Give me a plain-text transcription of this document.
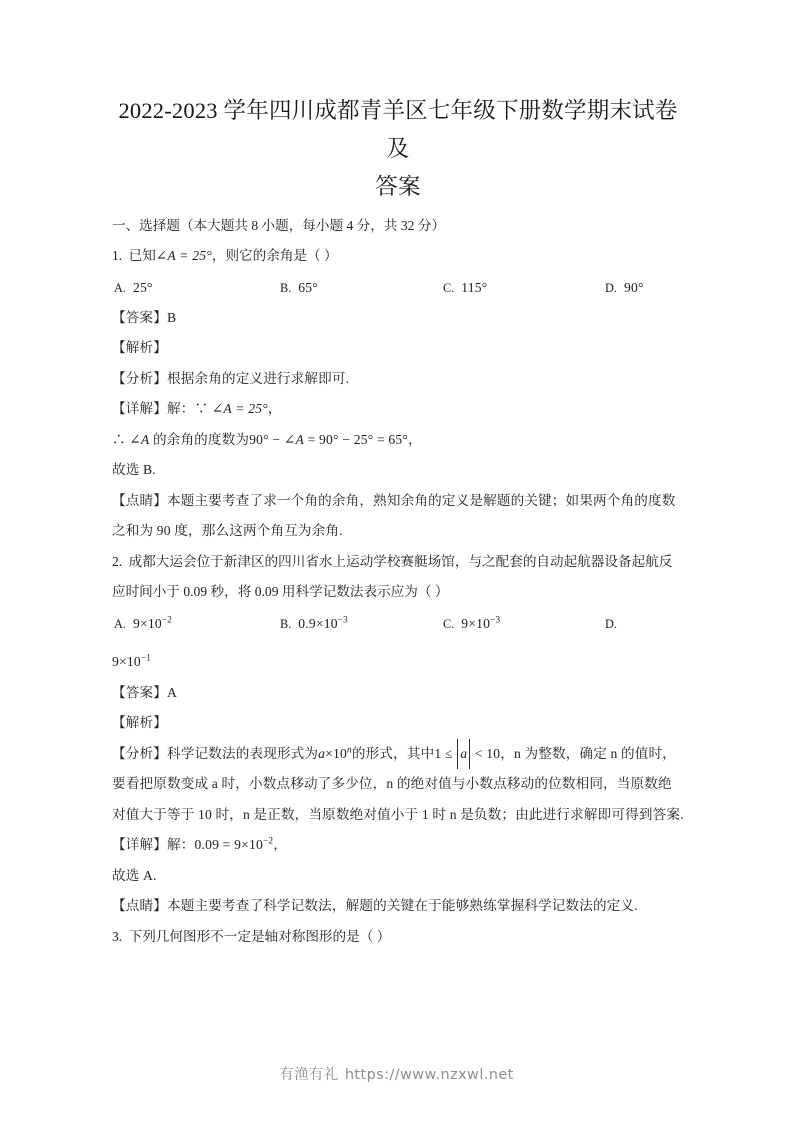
2022-2023 学年四川成都青羊区七年级下册数学期末试卷及
答案
一、选择题（本大题共 8 小题，每小题 4 分，共 32 分）
1. 已知∠A = 25°，则它的余角是（ ）
A. 25°	B. 65°	C. 115°	D. 90°
【答案】B
【解析】
【分析】根据余角的定义进行求解即可.
【详解】解：∵ ∠A = 25°，
∴ ∠A 的余角的度数为90° − ∠A = 90° − 25° = 65°，
故选 B.
【点睛】本题主要考查了求一个角的余角，熟知余角的定义是解题的关键；如果两个角的度数之和为 90 度，那么这两个角互为余角.
2. 成都大运会位于新津区的四川省水上运动学校赛艇场馆，与之配套的自动起航器设备起航反应时间小于 0.09 秒，将 0.09 用科学记数法表示应为（ ）
A. $9\times 10^{-2}$	B. $0.9\times 10^{-3}$	C. $9\times 10^{-3}$	D.
$9\times 10^{-1}$
【答案】A
【解析】
【分析】科学记数法的表现形式为$a\times 10^n$的形式，其中1 ≤ a < 10，n 为整数，确定 n 的值时，要看把原数变成 a 时，小数点移动了多少位，n 的绝对值与小数点移动的位数相同，当原数绝对值大于等于 10 时，n 是正数，当原数绝对值小于 1 时 n 是负数；由此进行求解即可得到答案.
【详解】解：$0.09 = 9\times 10^{-2}$，
故选 A.
【点睛】本题主要考查了科学记数法，解题的关键在于能够熟练掌握科学记数法的定义.
3. 下列几何图形不一定是轴对称图形的是（ ）
有渔有礼 https://www.nzxwl.net
